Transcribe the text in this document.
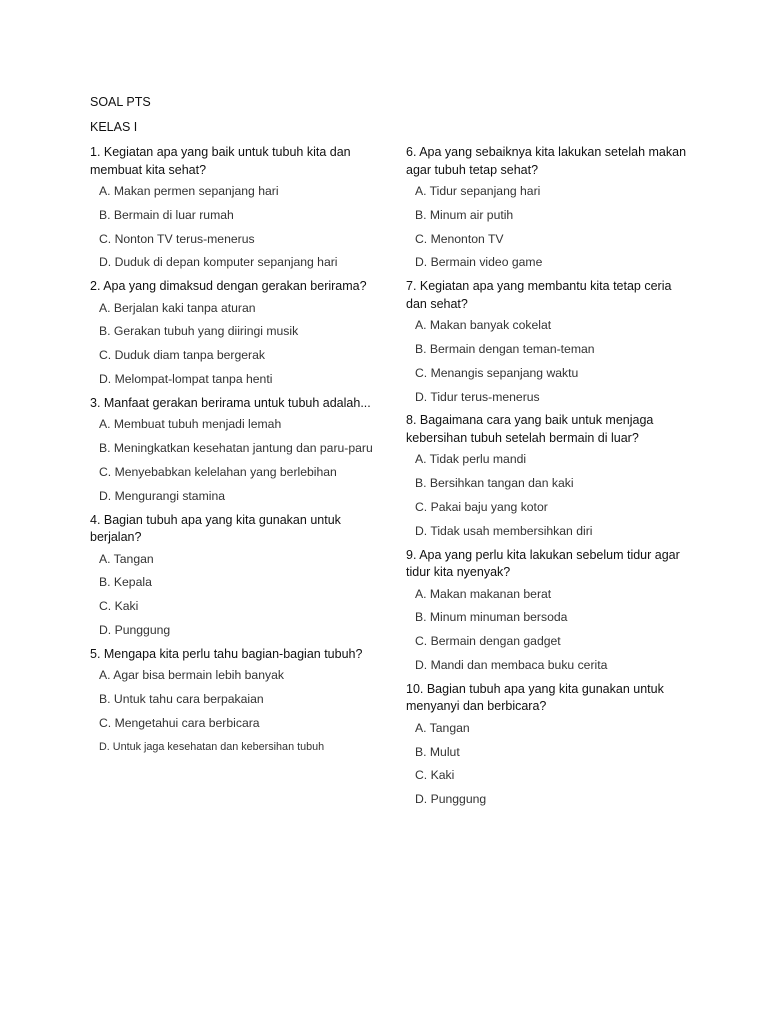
SOAL PTS
KELAS I
1. Kegiatan apa yang baik untuk tubuh kita dan membuat kita sehat?
A. Makan permen sepanjang hari
B. Bermain di luar rumah
C. Nonton TV terus-menerus
D. Duduk di depan komputer sepanjang hari
2. Apa yang dimaksud dengan gerakan berirama?
A. Berjalan kaki tanpa aturan
B. Gerakan tubuh yang diiringi musik
C. Duduk diam tanpa bergerak
D. Melompat-lompat tanpa henti
3. Manfaat gerakan berirama untuk tubuh adalah...
A. Membuat tubuh menjadi lemah
B. Meningkatkan kesehatan jantung dan paru-paru
C. Menyebabkan kelelahan yang berlebihan
D. Mengurangi stamina
4. Bagian tubuh apa yang kita gunakan untuk berjalan?
A. Tangan
B. Kepala
C. Kaki
D. Punggung
5. Mengapa kita perlu tahu bagian-bagian tubuh?
A. Agar bisa bermain lebih banyak
B. Untuk tahu cara berpakaian
C. Mengetahui cara berbicara
D. Untuk jaga kesehatan dan kebersihan tubuh
6. Apa yang sebaiknya kita lakukan setelah makan agar tubuh tetap sehat?
A. Tidur sepanjang hari
B. Minum air putih
C. Menonton TV
D. Bermain video game
7. Kegiatan apa yang membantu kita tetap ceria dan sehat?
A. Makan banyak cokelat
B. Bermain dengan teman-teman
C. Menangis sepanjang waktu
D. Tidur terus-menerus
8. Bagaimana cara yang baik untuk menjaga kebersihan tubuh setelah bermain di luar?
A. Tidak perlu mandi
B. Bersihkan tangan dan kaki
C. Pakai baju yang kotor
D. Tidak usah membersihkan diri
9. Apa yang perlu kita lakukan sebelum tidur agar tidur kita nyenyak?
A. Makan makanan berat
B. Minum minuman bersoda
C. Bermain dengan gadget
D. Mandi dan membaca buku cerita
10. Bagian tubuh apa yang kita gunakan untuk menyanyi dan berbicara?
A. Tangan
B. Mulut
C. Kaki
D. Punggung
